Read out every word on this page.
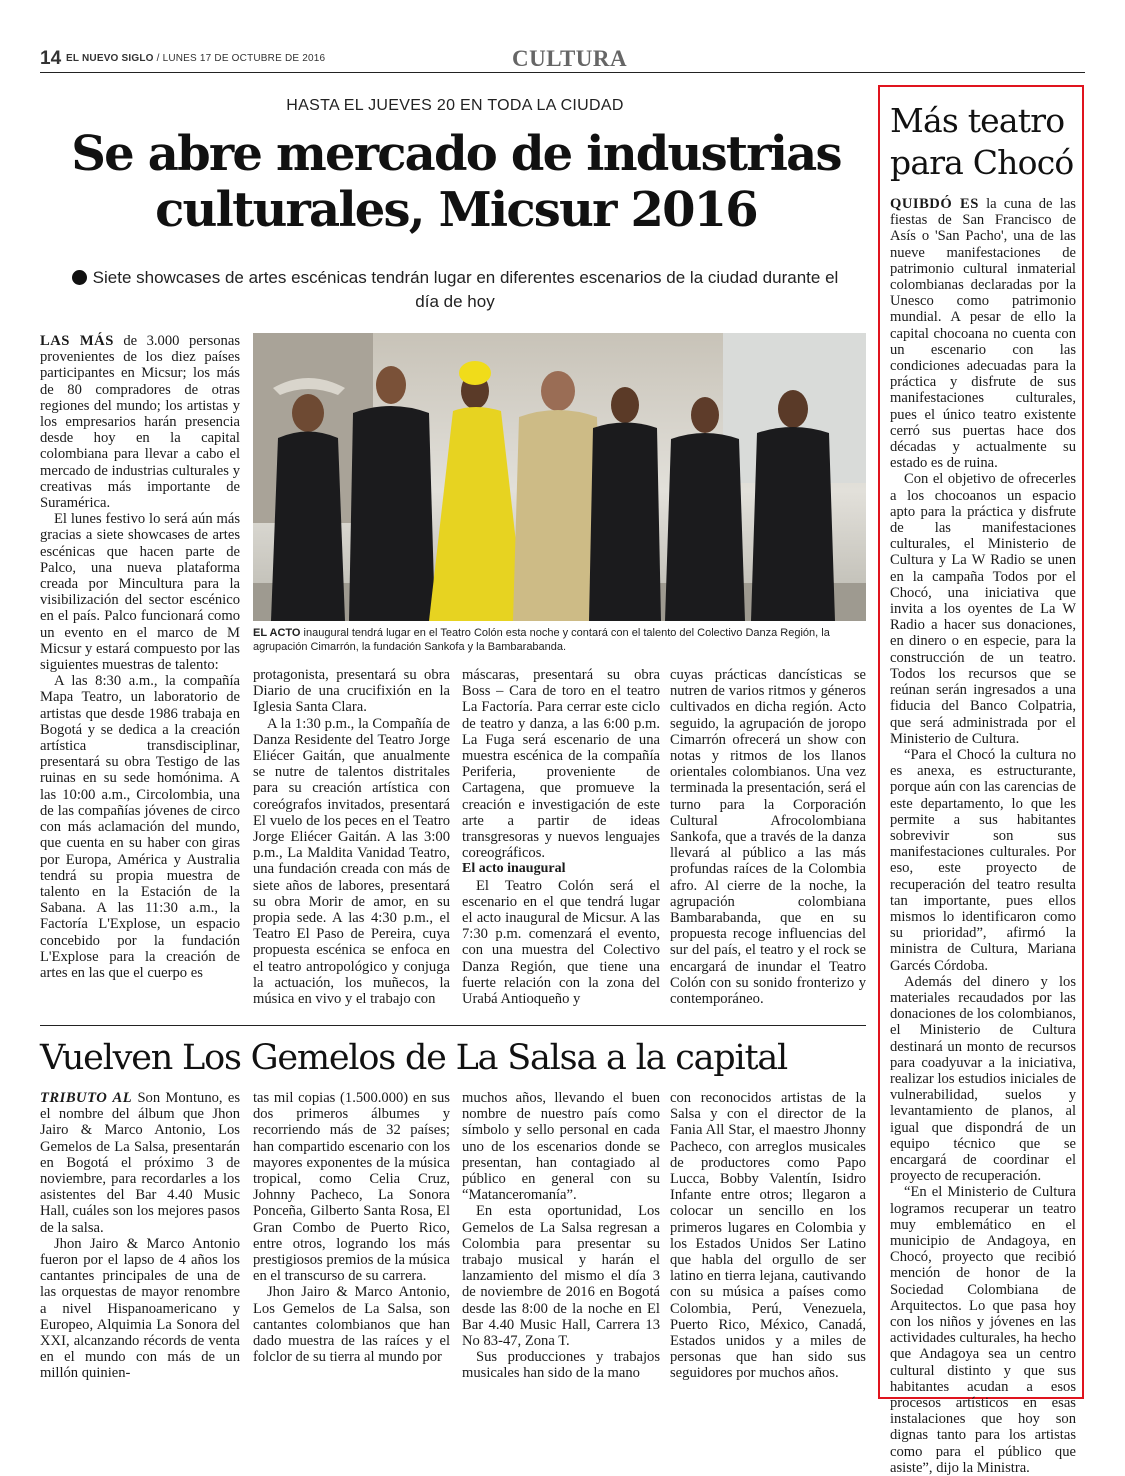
14 EL NUEVO SIGLO / LUNES 17 DE OCTUBRE DE 2016	CULTURA
HASTA EL JUEVES 20 EN TODA LA CIUDAD
Se abre mercado de industrias culturales, Micsur 2016
Siete showcases de artes escénicas tendrán lugar en diferentes escenarios de la ciudad durante el día de hoy

LAS MÁS de 3.000 personas provenientes de los diez países participantes en Micsur; los más de 80 compradores de otras regiones del mundo; los artistas y los empresarios harán presencia desde hoy en la capital colombiana para llevar a cabo el mercado de industrias culturales y creativas más importante de Suramérica.

El lunes festivo lo será aún más gracias a siete showcases de artes escénicas que hacen parte de Palco, una nueva plataforma creada por Mincultura para la visibilización del sector escénico en el país. Palco funcionará como un evento en el marco de M Micsur y estará compuesto por las siguientes muestras de talento:

A las 8:30 a.m., la compañía Mapa Teatro, un laboratorio de artistas que desde 1986 trabaja en Bogotá y se dedica a la creación artística transdisciplinar, presentará su obra Testigo de las ruinas en su sede homónima. A las 10:00 a.m., Circolombia, una de las compañías jóvenes de circo con más aclamación del mundo, que cuenta en su haber con giras por Europa, América y Australia tendrá su propia muestra de talento en la Estación de la Sabana. A las 11:30 a.m., la Factoría L'Explose, un espacio concebido por la fundación L'Explose para la creación de artes en las que el cuerpo es

EL ACTO inaugural tendrá lugar en el Teatro Colón esta noche y contará con el talento del Colectivo Danza Región, la agrupación Cimarrón, la fundación Sankofa y la Bambarabanda.

protagonista, presentará su obra Diario de una crucifixión en la Iglesia Santa Clara.

A la 1:30 p.m., la Compañía de Danza Residente del Teatro Jorge Eliécer Gaitán, que anualmente se nutre de talentos distritales para su creación artística con coreógrafos invitados, presentará El vuelo de los peces en el Teatro Jorge Eliécer Gaitán. A las 3:00 p.m., La Maldita Vanidad Teatro, una fundación creada con más de siete años de labores, presentará su obra Morir de amor, en su propia sede. A las 4:30 p.m., el Teatro El Paso de Pereira, cuya propuesta escénica se enfoca en el teatro antropológico y conjuga la actuación, los muñecos, la música en vivo y el trabajo con

máscaras, presentará su obra Boss – Cara de toro en el teatro La Factoría. Para cerrar este ciclo de teatro y danza, a las 6:00 p.m. La Fuga será escenario de una muestra escénica de la compañía Periferia, proveniente de Cartagena, que promueve la creación e investigación de este arte a partir de ideas transgresoras y nuevos lenguajes coreográficos.

El acto inaugural

El Teatro Colón será el escenario en el que tendrá lugar el acto inaugural de Micsur. A las 7:30 p.m. comenzará el evento, con una muestra del Colectivo Danza Región, que tiene una fuerte relación con la zona del Urabá Antioqueño y

cuyas prácticas dancísticas se nutren de varios ritmos y géneros cultivados en dicha región. Acto seguido, la agrupación de joropo Cimarrón ofrecerá un show con notas y ritmos de los llanos orientales colombianos. Una vez terminada la presentación, será el turno para la Corporación Cultural Afrocolombiana Sankofa, que a través de la danza llevará al público a las más profundas raíces de la Colombia afro. Al cierre de la noche, la agrupación colombiana Bambarabanda, que en su propuesta recoge influencias del sur del país, el teatro y el rock se encargará de inundar el Teatro Colón con su sonido fronterizo y contemporáneo.

Vuelven Los Gemelos de La Salsa a la capital

TRIBUTO AL Son Montuno, es el nombre del álbum que Jhon Jairo & Marco Antonio, Los Gemelos de La Salsa, presentarán en Bogotá el próximo 3 de noviembre, para recordarles a los asistentes del Bar 4.40 Music Hall, cuáles son los mejores pasos de la salsa.

Jhon Jairo & Marco Antonio fueron por el lapso de 4 años los cantantes principales de una de las orquestas de mayor renombre a nivel Hispanoamericano y Europeo, Alquimia La Sonora del XXI, alcanzando récords de venta en el mundo con más de un millón quinien-

tas mil copias (1.500.000) en sus dos primeros álbumes y recorriendo más de 32 países; han compartido escenario con los mayores exponentes de la música tropical, como Celia Cruz, Johnny Pacheco, La Sonora Ponceña, Gilberto Santa Rosa, El Gran Combo de Puerto Rico, entre otros, logrando los más prestigiosos premios de la música en el transcurso de su carrera.

Jhon Jairo & Marco Antonio, Los Gemelos de La Salsa, son cantantes colombianos que han dado muestra de las raíces y el folclor de su tierra al mundo por

muchos años, llevando el buen nombre de nuestro país como símbolo y sello personal en cada uno de los escenarios donde se presentan, han contagiado al público en general con su “Matanceromanía”.

En esta oportunidad, Los Gemelos de La Salsa regresan a Colombia para presentar su trabajo musical y harán el lanzamiento del mismo el día 3 de noviembre de 2016 en Bogotá desde las 8:00 de la noche en El Bar 4.40 Music Hall, Carrera 13 No 83-47, Zona T.

Sus producciones y trabajos musicales han sido de la mano

con reconocidos artistas de la Salsa y con el director de la Fania All Star, el maestro Jhonny Pacheco, con arreglos musicales de productores como Papo Lucca, Bobby Valentín, Isidro Infante entre otros; llegaron a colocar un sencillo en los primeros lugares en Colombia y los Estados Unidos Ser Latino que habla del orgullo de ser latino en tierra lejana, cautivando con su música a países como Colombia, Perú, Venezuela, Puerto Rico, México, Canadá, Estados unidos y a miles de personas que han sido sus seguidores por muchos años.

Más teatro para Chocó

QUIBDÓ ES la cuna de las fiestas de San Francisco de Asís o 'San Pacho', una de las nueve manifestaciones de patrimonio cultural inmaterial colombianas declaradas por la Unesco como patrimonio mundial. A pesar de ello la capital chocoana no cuenta con un escenario con las condiciones adecuadas para la práctica y disfrute de sus manifestaciones culturales, pues el único teatro existente cerró sus puertas hace dos décadas y actualmente su estado es de ruina.

Con el objetivo de ofrecerles a los chocoanos un espacio apto para la práctica y disfrute de las manifestaciones culturales, el Ministerio de Cultura y La W Radio se unen en la campaña Todos por el Chocó, una iniciativa que invita a los oyentes de La W Radio a hacer sus donaciones, en dinero o en especie, para la construcción de un teatro. Todos los recursos que se reúnan serán ingresados a una fiducia del Banco Colpatria, que será administrada por el Ministerio de Cultura.

“Para el Chocó la cultura no es anexa, es estructurante, porque aún con las carencias de este departamento, lo que les permite a sus habitantes sobrevivir son sus manifestaciones culturales. Por eso, este proyecto de recuperación del teatro resulta tan importante, pues ellos mismos lo identificaron como su prioridad”, afirmó la ministra de Cultura, Mariana Garcés Córdoba.

Además del dinero y los materiales recaudados por las donaciones de los colombianos, el Ministerio de Cultura destinará un monto de recursos para coadyuvar a la iniciativa, realizar los estudios iniciales de vulnerabilidad, suelos y levantamiento de planos, al igual que dispondrá de un equipo técnico que se encargará de coordinar el proyecto de recuperación.

“En el Ministerio de Cultura logramos recuperar un teatro muy emblemático en el municipio de Andagoya, en Chocó, proyecto que recibió mención de honor de la Sociedad Colombiana de Arquitectos. Lo que pasa hoy con los niños y jóvenes en las actividades culturales, ha hecho que Andagoya sea un centro cultural distinto y que sus habitantes acudan a esos procesos artísticos en esas instalaciones que hoy son dignas tanto para los artistas como para el público que asiste”, dijo la Ministra.
